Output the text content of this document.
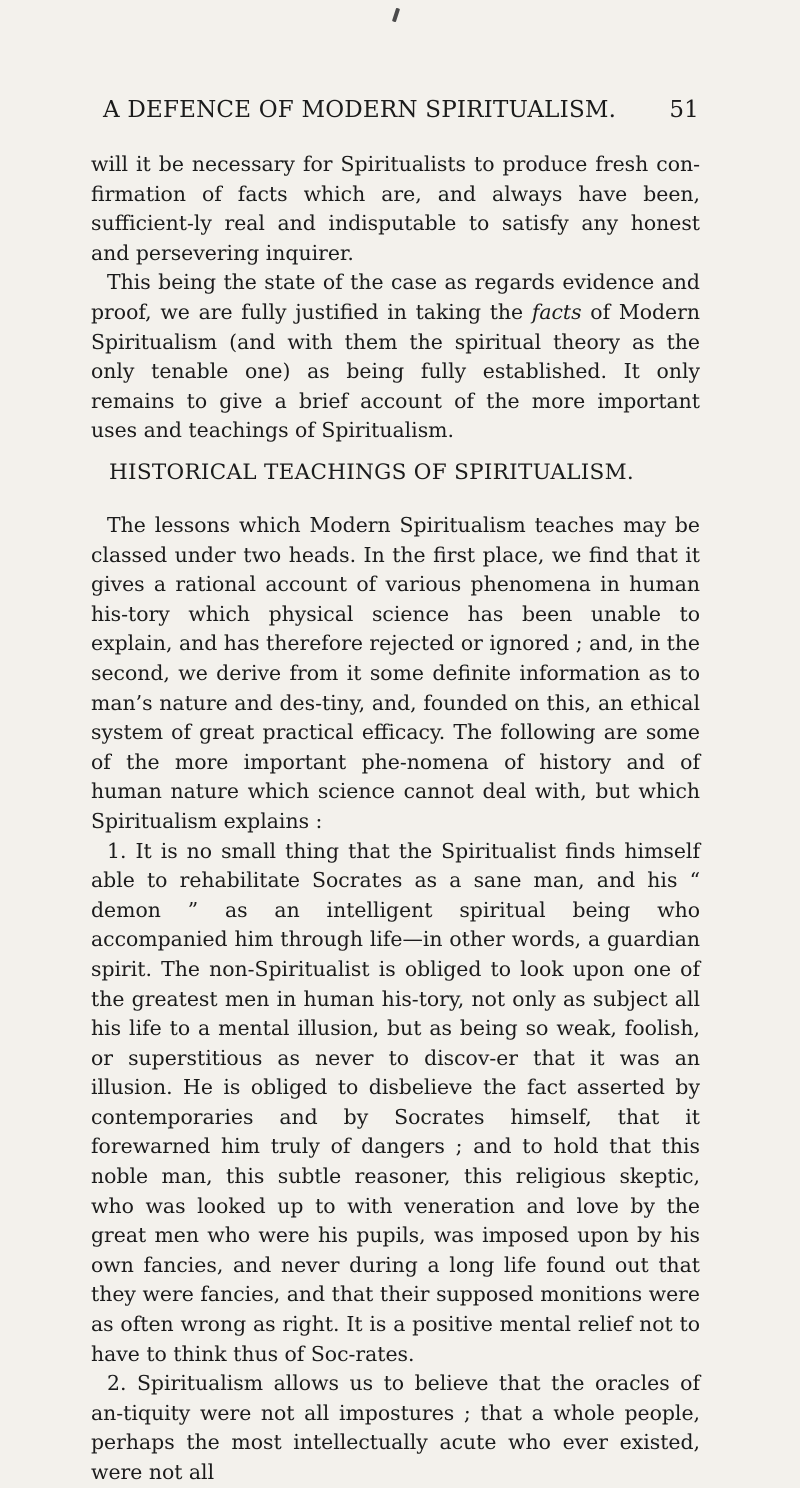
A DEFENCE OF MODERN SPIRITUALISM. 51

will it be necessary for Spiritualists to produce fresh con-firmation of facts which are, and always have been, sufficient-ly real and indisputable to satisfy any honest and persevering inquirer.

This being the state of the case as regards evidence and proof, we are fully justified in taking the facts of Modern Spiritualism (and with them the spiritual theory as the only tenable one) as being fully established. It only remains to give a brief account of the more important uses and teachings of Spiritualism.

HISTORICAL TEACHINGS OF SPIRITUALISM.

The lessons which Modern Spiritualism teaches may be classed under two heads. In the first place, we find that it gives a rational account of various phenomena in human his-tory which physical science has been unable to explain, and has therefore rejected or ignored ; and, in the second, we derive from it some definite information as to man’s nature and des-tiny, and, founded on this, an ethical system of great practical efficacy. The following are some of the more important phe-nomena of history and of human nature which science cannot deal with, but which Spiritualism explains :

1. It is no small thing that the Spiritualist finds himself able to rehabilitate Socrates as a sane man, and his “ demon ” as an intelligent spiritual being who accompanied him through life—in other words, a guardian spirit. The non-Spiritualist is obliged to look upon one of the greatest men in human his-tory, not only as subject all his life to a mental illusion, but as being so weak, foolish, or superstitious as never to discov-er that it was an illusion. He is obliged to disbelieve the fact asserted by contemporaries and by Socrates himself, that it forewarned him truly of dangers ; and to hold that this noble man, this subtle reasoner, this religious skeptic, who was looked up to with veneration and love by the great men who were his pupils, was imposed upon by his own fancies, and never during a long life found out that they were fancies, and that their supposed monitions were as often wrong as right. It is a positive mental relief not to have to think thus of Soc-rates.

2. Spiritualism allows us to believe that the oracles of an-tiquity were not all impostures ; that a whole people, perhaps the most intellectually acute who ever existed, were not all
